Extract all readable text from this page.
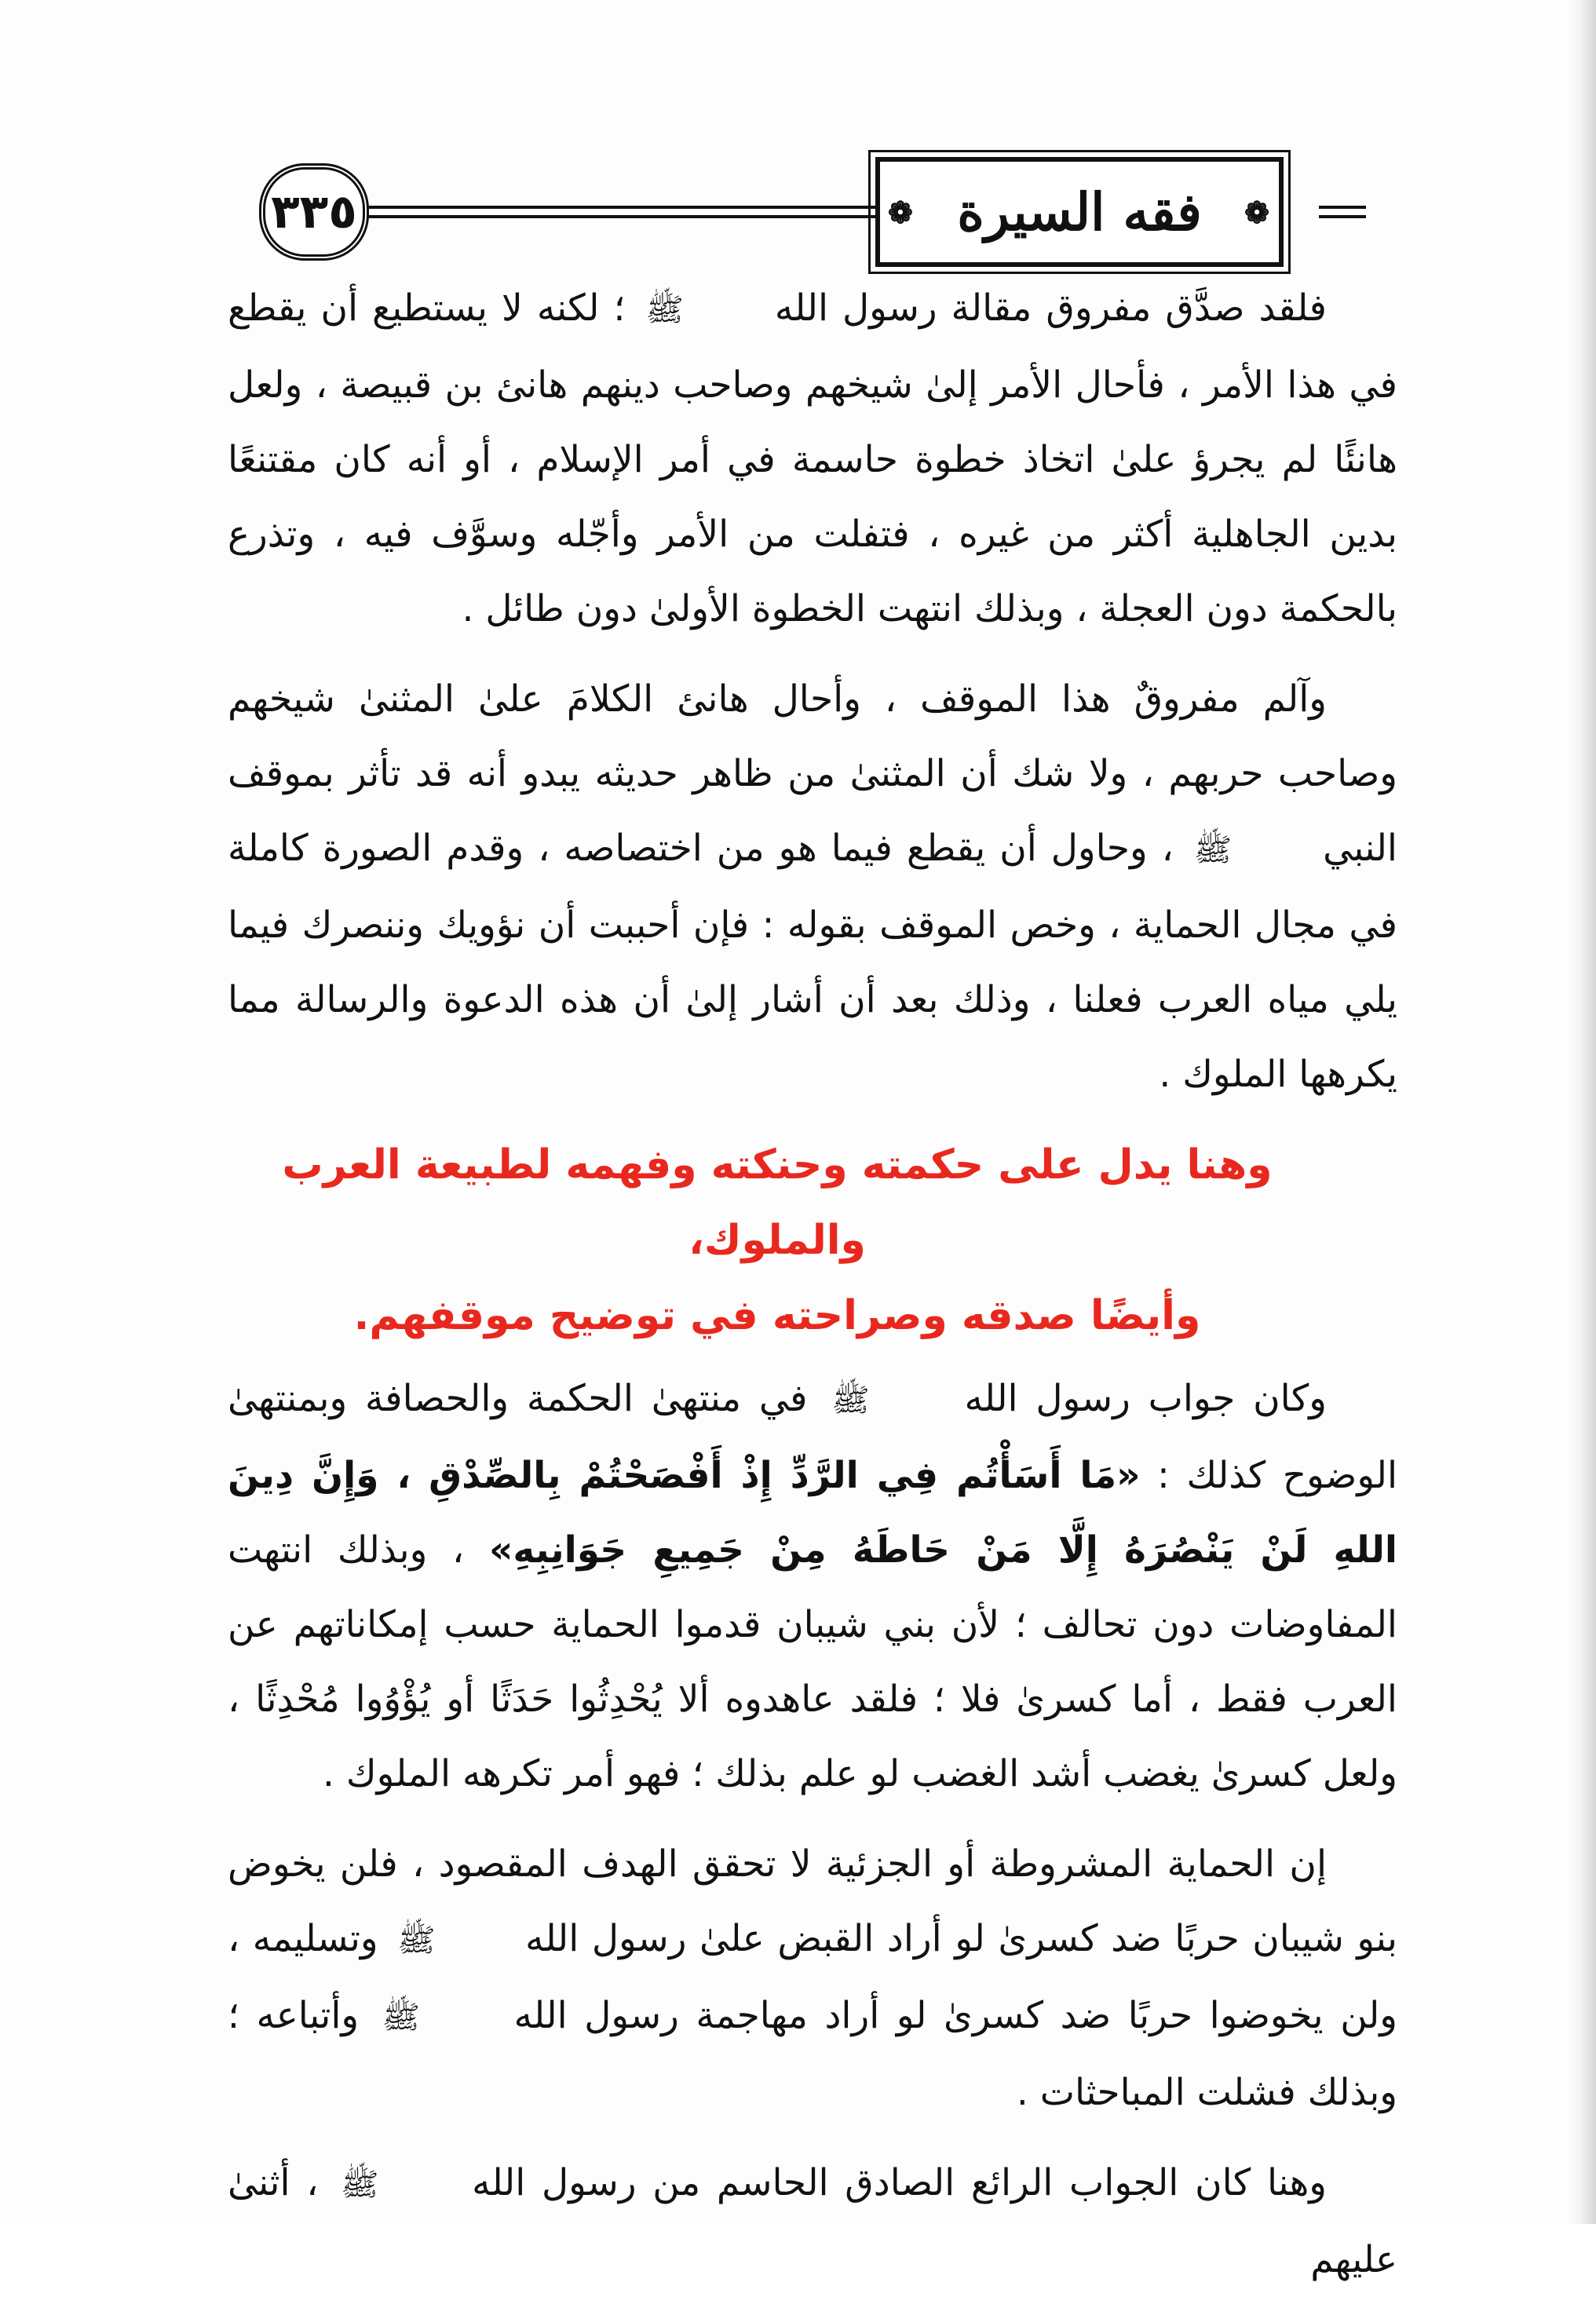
٣٣٥	❁ فقه السيرة ❁

فلقد صدَّق مفروق مقالة رسول الله ﷺ ؛ لكنه لا يستطيع أن يقطع في هذا الأمر ، فأحال الأمر إلىٰ شيخهم وصاحب دينهم هانئ بن قبيصة ، ولعل هانئًا لم يجرؤ علىٰ اتخاذ خطوة حاسمة في أمر الإسلام ، أو أنه كان مقتنعًا بدين الجاهلية أكثر من غيره ، فتفلت من الأمر وأجّله وسوَّف فيه ، وتذرع بالحكمة دون العجلة ، وبذلك انتهت الخطوة الأولىٰ دون طائل .

وآلم مفروقٌ هذا الموقف ، وأحال هانئ الكلامَ علىٰ المثنىٰ شيخهم وصاحب حربهم ، ولا شك أن المثنىٰ من ظاهر حديثه يبدو أنه قد تأثر بموقف النبي ﷺ ، وحاول أن يقطع فيما هو من اختصاصه ، وقدم الصورة كاملة في مجال الحماية ، وخص الموقف بقوله : فإن أحببت أن نؤويك وننصرك فيما يلي مياه العرب فعلنا ، وذلك بعد أن أشار إلىٰ أن هذه الدعوة والرسالة مما يكرهها الملوك .

وهنا يدل على حكمته وحنكته وفهمه لطبيعة العرب والملوك،
وأيضًا صدقه وصراحته في توضيح موقفهم.

وكان جواب رسول الله ﷺ في منتهىٰ الحكمة والحصافة وبمنتهىٰ الوضوح كذلك : «مَا أَسَأْتُم فِي الرَّدِّ إِذْ أَفْصَحْتُمْ بِالصِّدْقِ ، وَإِنَّ دِينَ اللهِ لَنْ يَنْصُرَهُ إِلَّا مَنْ حَاطَهُ مِنْ جَمِيعِ جَوَانِبِهِ» ، وبذلك انتهت المفاوضات دون تحالف ؛ لأن بني شيبان قدموا الحماية حسب إمكاناتهم عن العرب فقط ، أما كسرىٰ فلا ؛ فلقد عاهدوه ألا يُحْدِثُوا حَدَثًا أو يُؤْوُوا مُحْدِثًا ، ولعل كسرىٰ يغضب أشد الغضب لو علم بذلك ؛ فهو أمر تكرهه الملوك .

إن الحماية المشروطة أو الجزئية لا تحقق الهدف المقصود ، فلن يخوض بنو شيبان حربًا ضد كسرىٰ لو أراد القبض علىٰ رسول الله ﷺ وتسليمه ، ولن يخوضوا حربًا ضد كسرىٰ لو أراد مهاجمة رسول الله ﷺ وأتباعه ؛ وبذلك فشلت المباحثات .

وهنا كان الجواب الرائع الصادق الحاسم من رسول الله ﷺ ، أثنىٰ عليهم
